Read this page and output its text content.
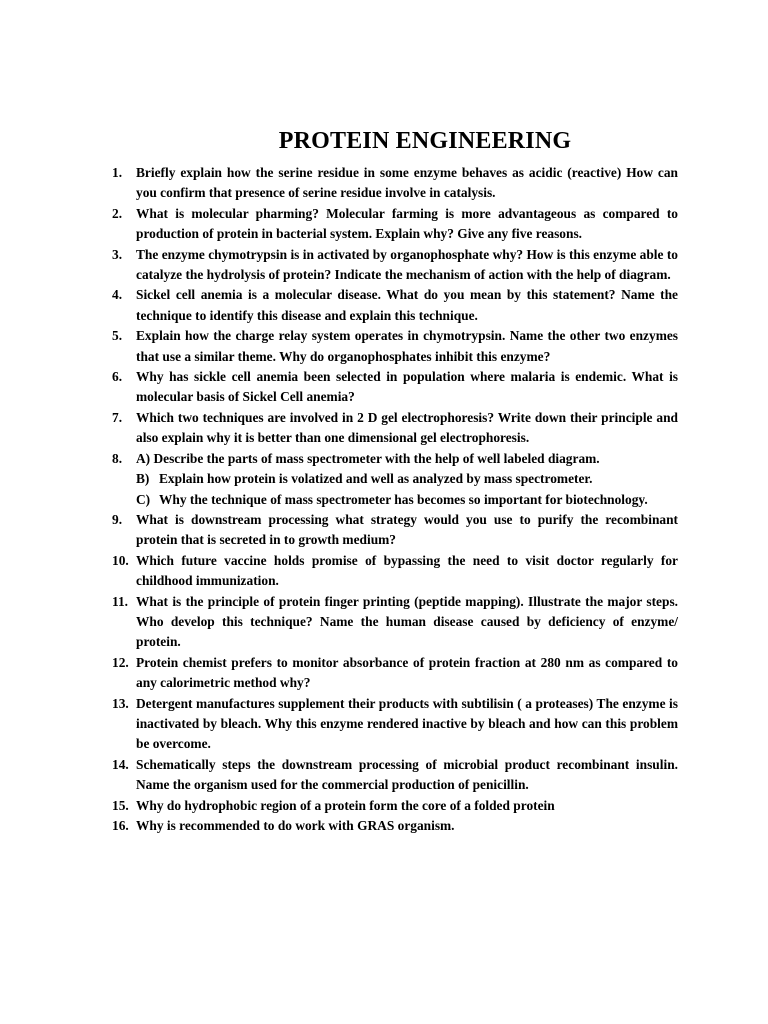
PROTEIN ENGINEERING
1.	Briefly explain how the serine residue in some enzyme behaves as acidic (reactive) How can you confirm that presence of serine residue involve in catalysis.
2.	What is molecular pharming? Molecular farming is more advantageous as compared to production of protein in bacterial system. Explain why? Give any five reasons.
3.	The enzyme chymotrypsin is in activated by organophosphate why? How is this enzyme able to catalyze the hydrolysis of protein? Indicate the mechanism of action with the help of diagram.
4.	Sickel cell anemia is a molecular disease. What do you mean by this statement? Name the technique to identify this disease and explain this technique.
5.	Explain how the charge relay system operates in chymotrypsin. Name the other two enzymes that use a similar theme. Why do organophosphates inhibit this enzyme?
6.	Why has sickle cell anemia been selected in population where malaria is endemic. What is molecular basis of Sickel Cell anemia?
7.	Which two techniques are involved in 2 D gel electrophoresis? Write down their principle and also explain why it is better than one dimensional gel electrophoresis.
8.	A) Describe the parts of mass spectrometer with the help of well labeled diagram.
B) Explain how protein is volatized and well as analyzed by mass spectrometer.
C) Why the technique of mass spectrometer has becomes so important for biotechnology.
9.	What is downstream processing what strategy would you use to purify the recombinant protein that is secreted in to growth medium?
10. Which future vaccine holds promise of bypassing the need to visit doctor regularly for childhood immunization.
11. What is the principle of protein finger printing (peptide mapping). Illustrate the major steps. Who develop this technique? Name the human disease caused by deficiency of enzyme/ protein.
12. Protein chemist prefers to monitor absorbance of protein fraction at 280 nm as compared to any calorimetric method why?
13. Detergent manufactures supplement their products with subtilisin ( a proteases) The enzyme is inactivated by bleach. Why this enzyme rendered inactive by bleach and how can this problem be overcome.
14. Schematically steps the downstream processing of microbial product recombinant insulin. Name the organism used for the commercial production of penicillin.
15. Why do hydrophobic region of a protein form the core of a folded protein
16. Why is recommended to do work with GRAS organism.
